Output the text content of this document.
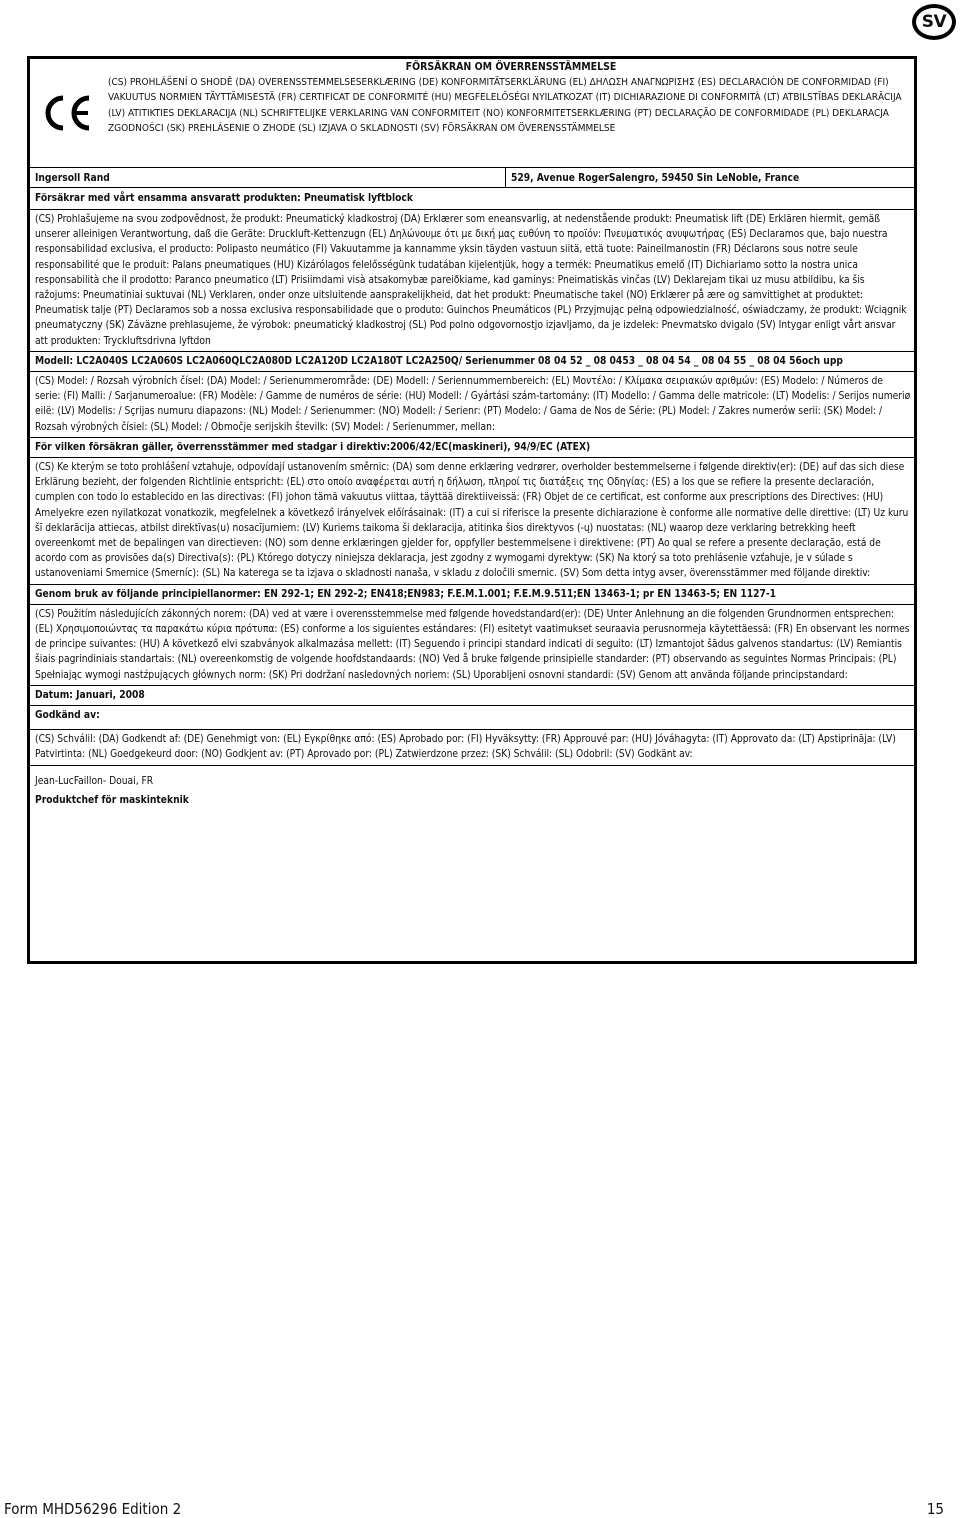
SV
FÖRSÄKRAN OM ÖVERRENSSTÄMMELSE
(CS) PROHLÁŠENÍ O SHODĚ (DA) OVERENSSTEMMELSESERKLÆRING (DE) KONFORMITÄTSERKLÄRUNG (EL) ΔΗΛΩΣΗ ΑΝΑΓΝΩΡΙΣΗΣ (ES) DECLARACIÓN DE CONFORMIDAD (FI) VAKUUTUS NORMIEN TÄYTTÄMISESTÄ (FR) CERTIFICAT DE CONFORMITÉ (HU) MEGFELELŐSÉGI NYILATKOZAT (IT) DICHIARAZIONE DI CONFORMITÀ (LT) ATBILSTĪBAS DEKLARĀCIJA (LV) ATITIKTIES DEKLARACIJA (NL) SCHRIFTELIJKE VERKLARING VAN CONFORMITEIT (NO) KONFORMITETSERKLÆRING (PT) DECLARAÇÃO DE CONFORMIDADE (PL) DEKLARACJA ZGODNOŚCI (SK) PREHLÁSENIE O ZHODE (SL) IZJAVA O SKLADNOSTI (SV) FÖRSÄKRAN OM ÖVERENSSTÄMMELSE
Ingersoll Rand	529, Avenue RogerSalengro, 59450 Sin LeNoble, France
Försäkrar med vårt ensamma ansvaratt produkten: Pneumatisk lyftblock
(CS) Prohlašujeme na svou zodpovědnost, že produkt: Pneumatický kladkostroj (DA) Erklærer som eneansvarlig, at nedenstående produkt: Pneumatisk lift (DE) Erklären hiermit, gemäß unserer alleinigen Verantwortung, daß die Geräte: Druckluft-Kettenzugn (EL) Δηλώνουμε ότι με δική μας ευθύνη το προϊόν: Πνευματικός ανυψωτήρας (ES) Declaramos que, bajo nuestra responsabilidad exclusiva, el producto: Polipasto neumático (FI) Vakuutamme ja kannamme yksin täyden vastuun siitä, että tuote: Paineilmanostin (FR) Déclarons sous notre seule responsabilité que le produit: Palans pneumatiques (HU) Kizárólagos felelősségünk tudatában kijelentjük, hogy a termék: Pneumatikus emelő (IT) Dichiariamo sotto la nostra unica responsabilità che il prodotto: Paranco pneumatico (LT) Prisiimdami visà atsakomybæ pareiðkiame, kad gaminys: Pneimatiskās vinčas (LV) Deklarejam tikai uz musu atbildibu, ka šis ražojums: Pneumatiniai suktuvai (NL) Verklaren, onder onze uitsluitende aansprakelijkheid, dat het produkt: Pneumatische takel (NO) Erklærer på ære og samvittighet at produktet: Pneumatisk talje (PT) Declaramos sob a nossa exclusiva responsabilidade que o produto: Guinchos Pneumáticos (PL) Przyjmując pełną odpowiedzialność, oświadczamy, że produkt: Wciągnik pneumatyczny (SK) Záväzne prehlasujeme, že výrobok: pneumatický kladkostroj (SL) Pod polno odgovornostjo izjavljamo, da je izdelek: Pnevmatsko dvigalo (SV) Intygar enligt vårt ansvar att produkten: Tryckluftsdrivna lyftdon
Modell: LC2A040S LC2A060S LC2A060QLC2A080D LC2A120D LC2A180T LC2A250Q/ Serienummer 08 04 52 _ 08 0453 _ 08 04 54 _ 08 04 55 _ 08 04 56och upp
(CS) Model: / Rozsah výrobních čísel: (DA) Model: / Serienummerområde: (DE) Modell: / Seriennummernbereich: (EL) Μοντέλο: / Κλίμακα σειριακών αριθμών: (ES) Modelo: / Números de serie: (FI) Malli: / Sarjanumeroalue: (FR) Modèle: / Gamme de numéros de série: (HU) Modell: / Gyártási szám-tartomány: (IT) Modello: / Gamma delle matricole: (LT) Modelis: / Serijos numeriø eilë: (LV) Modelis: / Sçrijas numuru diapazons: (NL) Model: / Serienummer: (NO) Modell: / Serienr: (PT) Modelo: / Gama de Nos de Série: (PL) Model: / Zakres numerów serii: (SK) Model: / Rozsah výrobných čísiel: (SL) Model: / Območje serijskih številk: (SV) Model: / Serienummer, mellan:
För vilken försäkran gäller, överrensstämmer med stadgar i direktiv:2006/42/EC(maskineri), 94/9/EC (ATEX)
(CS) Ke kterým se toto prohlášení vztahuje, odpovídají ustanovením směrnic: (DA) som denne erklæring vedrører, overholder bestemmelserne i følgende direktiv(er): (DE) auf das sich diese Erklärung bezieht, der folgenden Richtlinie entspricht: (EL) στο οποίο αναφέρεται αυτή η δήλωση, πληροί τις διατάξεις της Οδηγίας: (ES) a los que se refiere la presente declaración, cumplen con todo lo establecido en las directivas: (FI) johon tämä vakuutus viittaa, täyttää direktiiveissä: (FR) Objet de ce certificat, est conforme aux prescriptions des Directives: (HU) Amelyekre ezen nyilatkozat vonatkozik, megfelelnek a következő irányelvek előírásainak: (IT) a cui si riferisce la presente dichiarazione è conforme alle normative delle direttive: (LT) Uz kuru šī deklarācija attiecas, atbilst direktīvas(u) nosacījumiem: (LV) Kuriems taikoma ši deklaracija, atitinka šios direktyvos (-ų) nuostatas: (NL) waarop deze verklaring betrekking heeft overeenkomt met de bepalingen van directieven: (NO) som denne erklæringen gjelder for, oppfyller bestemmelsene i direktivene: (PT) Ao qual se refere a presente declaração, está de acordo com as provisões da(s) Directiva(s): (PL) Którego dotyczy niniejsza deklaracja, jest zgodny z wymogami dyrektyw: (SK) Na ktorý sa toto prehlásenie vzťahuje, je v súlade s ustanoveniami Smernice (Smerníc): (SL) Na katerega se ta izjava o skladnosti nanaša, v skladu z določili smernic. (SV) Som detta intyg avser, överensstämmer med följande direktiv:
Genom bruk av följande principiellanormer: EN 292-1; EN 292-2; EN418;EN983; F.E.M.1.001; F.E.M.9.511;EN 13463-1; pr EN 13463-5; EN 1127-1
(CS) Použitím následujících zákonných norem: (DA) ved at være i overensstemmelse med følgende hovedstandard(er): (DE) Unter Anlehnung an die folgenden Grundnormen entsprechen: (EL) Χρησιμοποιώντας τα παρακάτω κύρια πρότυπα: (ES) conforme a los siguientes estándares: (FI) esitetyt vaatimukset seuraavia perusnormeja käytettäessä: (FR) En observant les normes de principe suivantes: (HU) A következő elvi szabványok alkalmazása mellett: (IT) Seguendo i principi standard indicati di seguito: (LT) Izmantojot šādus galvenos standartus: (LV) Remiantis šiais pagrindiniais standartais: (NL) overeenkomstig de volgende hoofdstandaards: (NO) Ved å bruke følgende prinsipielle standarder: (PT) observando as seguintes Normas Principais: (PL) Spełniając wymogi nastźpujących głównych norm: (SK) Pri dodržaní nasledovných noriem: (SL) Uporabljeni osnovni standardi: (SV) Genom att använda följande principstandard:
Datum: Januari, 2008
Godkänd av:
(CS) Schválil: (DA) Godkendt af: (DE) Genehmigt von: (EL) Εγκρίθηκε από: (ES) Aprobado por: (FI) Hyväksytty: (FR) Approuvé par: (HU) Jóváhagyta: (IT) Approvato da: (LT) Apstiprināja: (LV) Patvirtinta: (NL) Goedgekeurd door: (NO) Godkjent av: (PT) Aprovado por: (PL) Zatwierdzone przez: (SK) Schválil: (SL) Odobril: (SV) Godkänt av:
Jean-LucFaillon- Douai, FR
Produktchef för maskinteknik
Form MHD56296 Edition 2	15
